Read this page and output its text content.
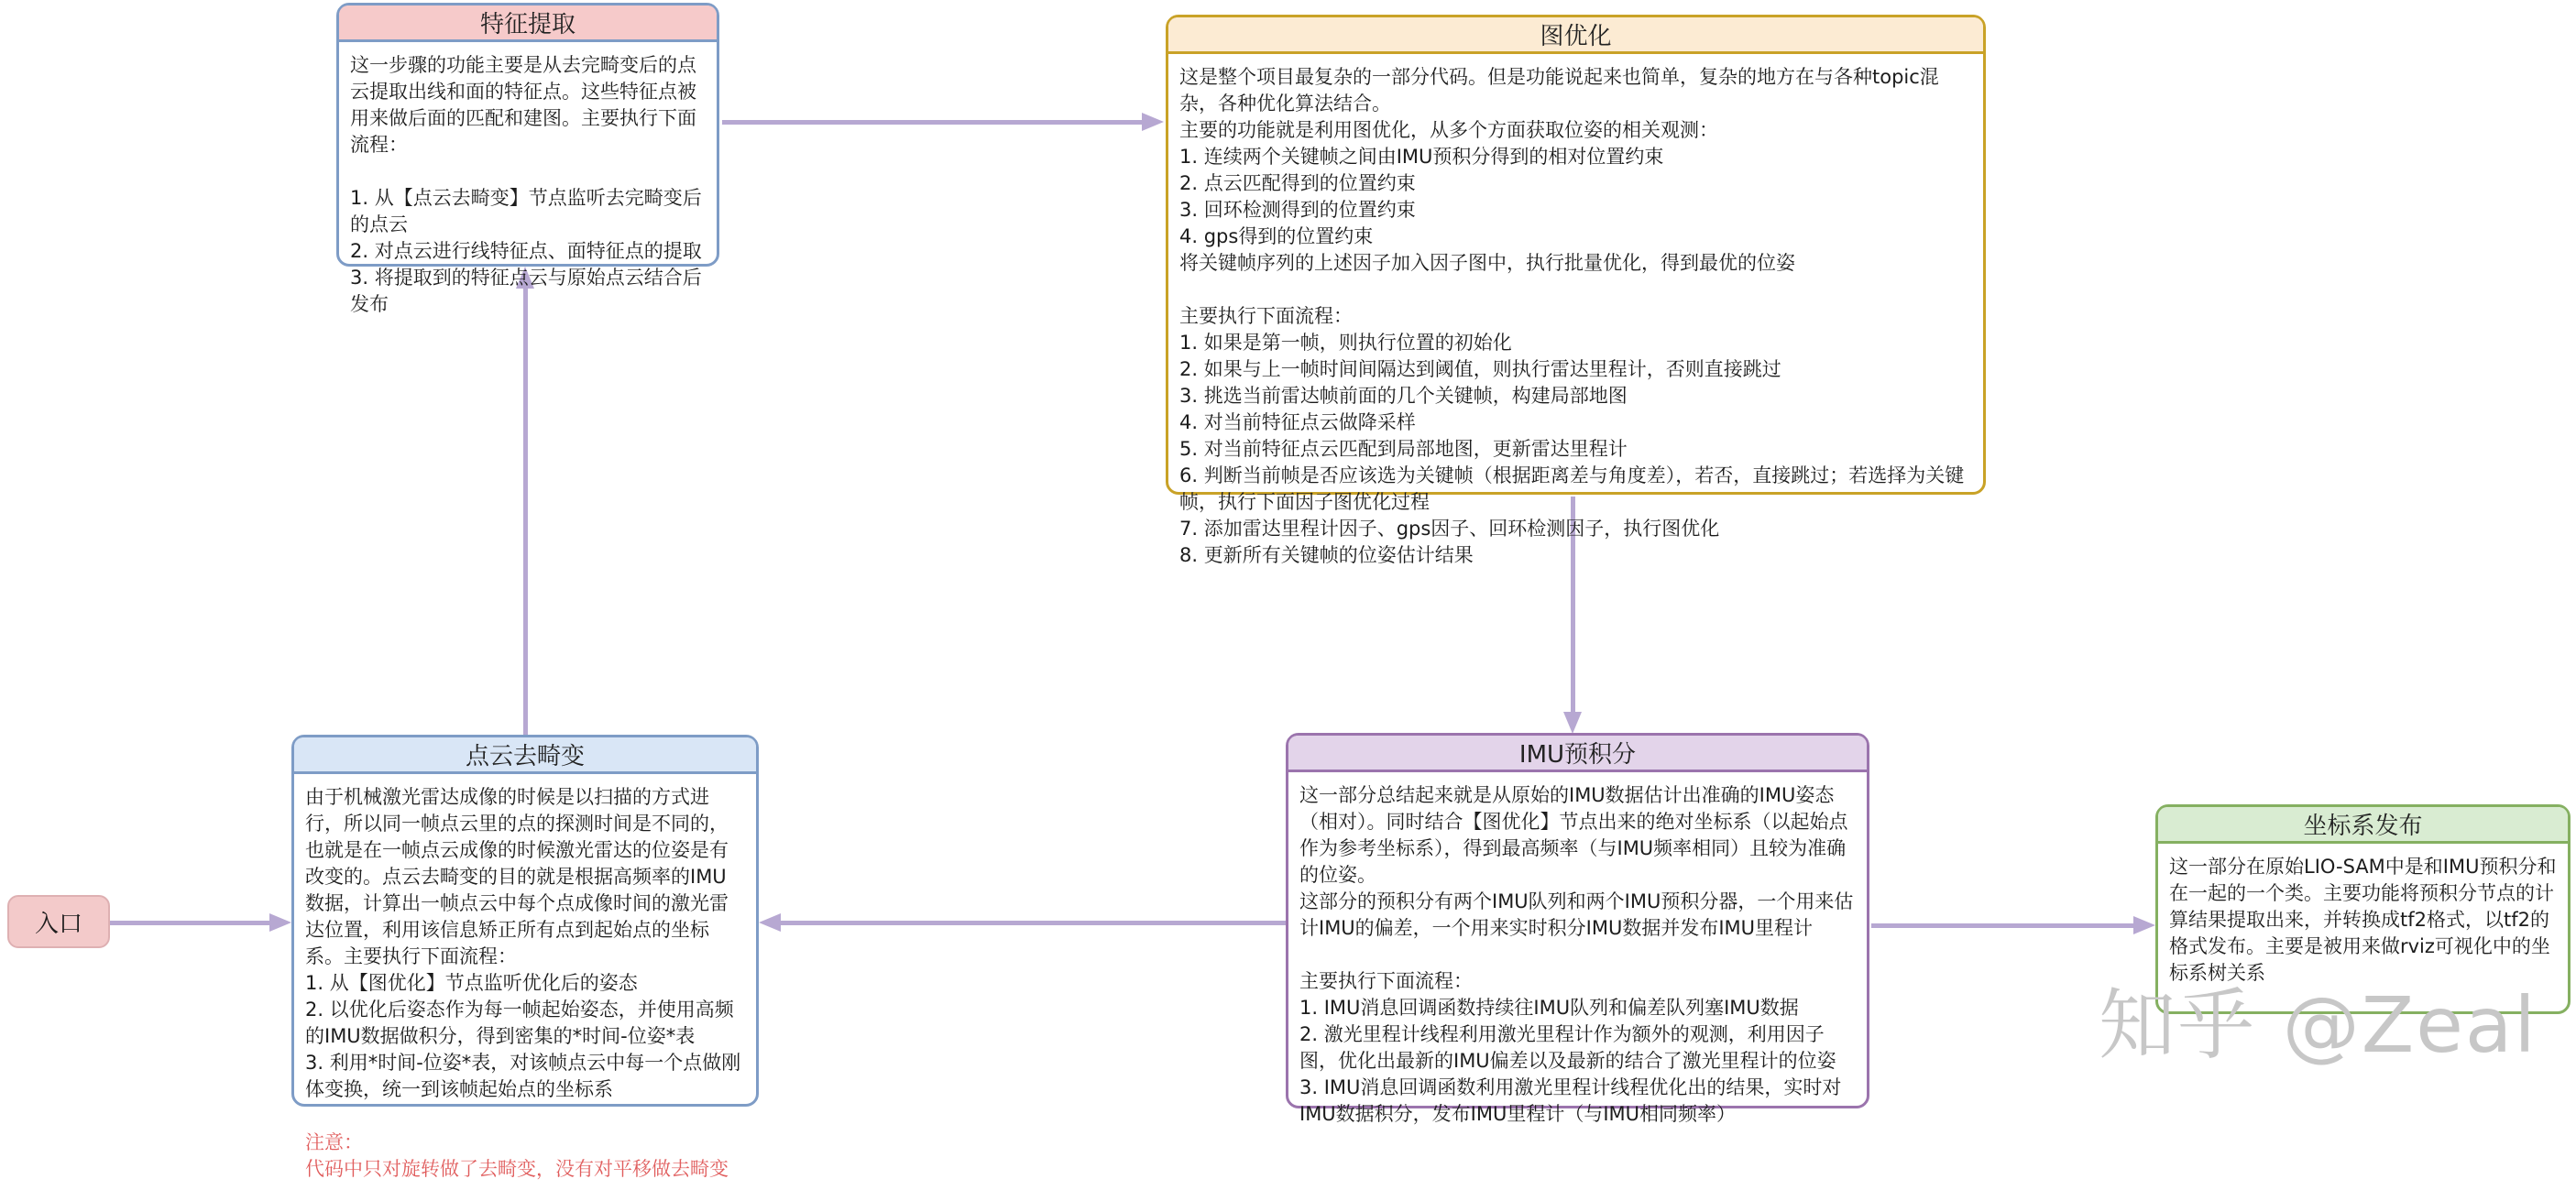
知乎 @Zeal
入口
特征提取
这一步骤的功能主要是从去完畸变后的点云提取出线和面的特征点。这些特征点被用来做后面的匹配和建图。主要执行下面流程：
1. 从【点云去畸变】节点监听去完畸变后的点云
2. 对点云进行线特征点、面特征点的提取
3. 将提取到的特征点云与原始点云结合后发布
图优化
这是整个项目最复杂的一部分代码。但是功能说起来也简单，复杂的地方在与各种topic混杂，各种优化算法结合。
主要的功能就是利用图优化，从多个方面获取位姿的相关观测：
1. 连续两个关键帧之间由IMU预积分得到的相对位置约束
2. 点云匹配得到的位置约束
3. 回环检测得到的位置约束
4. gps得到的位置约束
将关键帧序列的上述因子加入因子图中，执行批量优化，得到最优的位姿
主要执行下面流程：
1. 如果是第一帧，则执行位置的初始化
2. 如果与上一帧时间间隔达到阈值，则执行雷达里程计，否则直接跳过
3. 挑选当前雷达帧前面的几个关键帧，构建局部地图
4. 对当前特征点云做降采样
5. 对当前特征点云匹配到局部地图，更新雷达里程计
6. 判断当前帧是否应该选为关键帧（根据距离差与角度差），若否，直接跳过；若选择为关键帧，执行下面因子图优化过程
7. 添加雷达里程计因子、gps因子、回环检测因子，执行图优化
8. 更新所有关键帧的位姿估计结果
点云去畸变
由于机械激光雷达成像的时候是以扫描的方式进行，所以同一帧点云里的点的探测时间是不同的，也就是在一帧点云成像的时候激光雷达的位姿是有改变的。点云去畸变的目的就是根据高频率的IMU数据，计算出一帧点云中每个点成像时间的激光雷达位置，利用该信息矫正所有点到起始点的坐标系。主要执行下面流程：
1. 从【图优化】节点监听优化后的姿态
2. 以优化后姿态作为每一帧起始姿态，并使用高频的IMU数据做积分，得到密集的*时间-位姿*表
3. 利用*时间-位姿*表，对该帧点云中每一个点做刚体变换，统一到该帧起始点的坐标系
注意：
代码中只对旋转做了去畸变，没有对平移做去畸变
IMU预积分
这一部分总结起来就是从原始的IMU数据估计出准确的IMU姿态（相对）。同时结合【图优化】节点出来的绝对坐标系（以起始点作为参考坐标系），得到最高频率（与IMU频率相同）且较为准确的位姿。
这部分的预积分有两个IMU队列和两个IMU预积分器，一个用来估计IMU的偏差，一个用来实时积分IMU数据并发布IMU里程计
主要执行下面流程：
1. IMU消息回调函数持续往IMU队列和偏差队列塞IMU数据
2. 激光里程计线程利用激光里程计作为额外的观测，利用因子图，优化出最新的IMU偏差以及最新的结合了激光里程计的位姿
3. IMU消息回调函数利用激光里程计线程优化出的结果，实时对IMU数据积分，发布IMU里程计（与IMU相同频率）
坐标系发布
这一部分在原始LIO-SAM中是和IMU预积分和在一起的一个类。主要功能将预积分节点的计算结果提取出来，并转换成tf2格式，以tf2的格式发布。主要是被用来做rviz可视化中的坐标系树关系
